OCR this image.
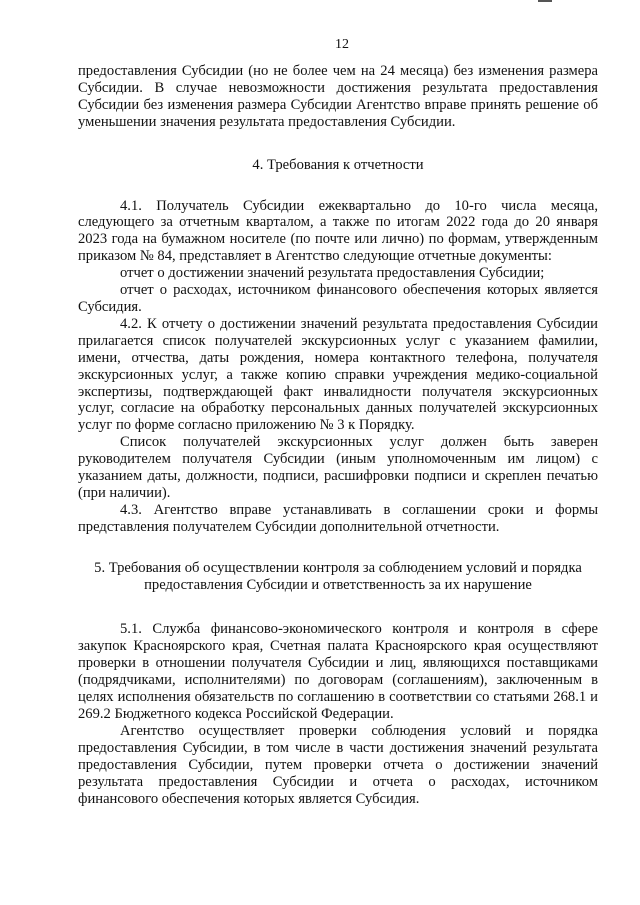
12

предоставления Субсидии (но не более чем на 24 месяца) без изменения размера Субсидии. В случае невозможности достижения результата предоставления Субсидии без изменения размера Субсидии Агентство вправе принять решение об уменьшении значения результата предоставления Субсидии.

4. Требования к отчетности

4.1. Получатель Субсидии ежеквартально до 10-го числа месяца, следующего за отчетным кварталом, а также по итогам 2022 года до 20 января 2023 года на бумажном носителе (по почте или лично) по формам, утвержденным приказом № 84, представляет в Агентство следующие отчетные документы:

отчет о достижении значений результата предоставления Субсидии;

отчет о расходах, источником финансового обеспечения которых является Субсидия.

4.2. К отчету о достижении значений результата предоставления Субсидии прилагается список получателей экскурсионных услуг с указанием фамилии, имени, отчества, даты рождения, номера контактного телефона, получателя экскурсионных услуг, а также копию справки учреждения медико-социальной экспертизы, подтверждающей факт инвалидности получателя экскурсионных услуг, согласие на обработку персональных данных получателей экскурсионных услуг по форме согласно приложению № 3 к Порядку.

Список получателей экскурсионных услуг должен быть заверен руководителем получателя Субсидии (иным уполномоченным им лицом) с указанием даты, должности, подписи, расшифровки подписи и скреплен печатью (при наличии).

4.3. Агентство вправе устанавливать в соглашении сроки и формы представления получателем Субсидии дополнительной отчетности.

5. Требования об осуществлении контроля за соблюдением условий и порядка
предоставления Субсидии и ответственность за их нарушение

5.1. Служба финансово-экономического контроля и контроля в сфере закупок Красноярского края, Счетная палата Красноярского края осуществляют проверки в отношении получателя Субсидии и лиц, являющихся поставщиками (подрядчиками, исполнителями) по договорам (соглашениям), заключенным в целях исполнения обязательств по соглашению в соответствии со статьями 268.1 и 269.2 Бюджетного кодекса Российской Федерации.

Агентство осуществляет проверки соблюдения условий и порядка предоставления Субсидии, в том числе в части достижения значений результата предоставления Субсидии, путем проверки отчета о достижении значений результата предоставления Субсидии и отчета о расходах, источником финансового обеспечения которых является Субсидия.
